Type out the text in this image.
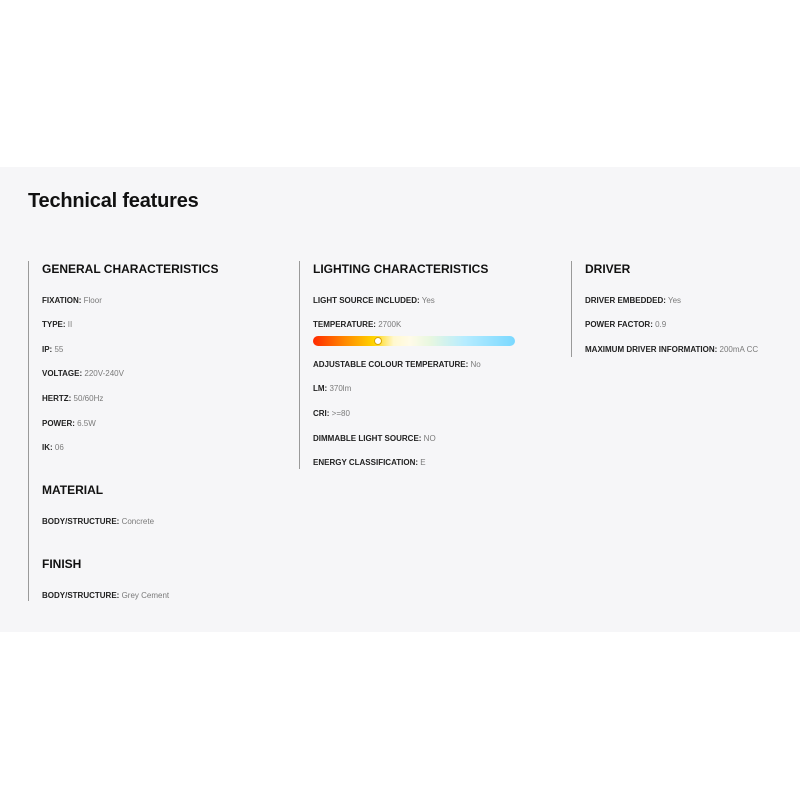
Technical features
GENERAL CHARACTERISTICS
FIXATION: Floor
TYPE: II
IP: 55
VOLTAGE: 220V-240V
HERTZ: 50/60Hz
POWER: 6.5W
IK: 06
MATERIAL
BODY/STRUCTURE: Concrete
FINISH
BODY/STRUCTURE: Grey Cement
LIGHTING CHARACTERISTICS
LIGHT SOURCE INCLUDED: Yes
TEMPERATURE: 2700K
ADJUSTABLE COLOUR TEMPERATURE: No
LM: 370lm
CRI: >=80
DIMMABLE LIGHT SOURCE: NO
ENERGY CLASSIFICATION: E
DRIVER
DRIVER EMBEDDED: Yes
POWER FACTOR: 0.9
MAXIMUM DRIVER INFORMATION: 200mA CC
